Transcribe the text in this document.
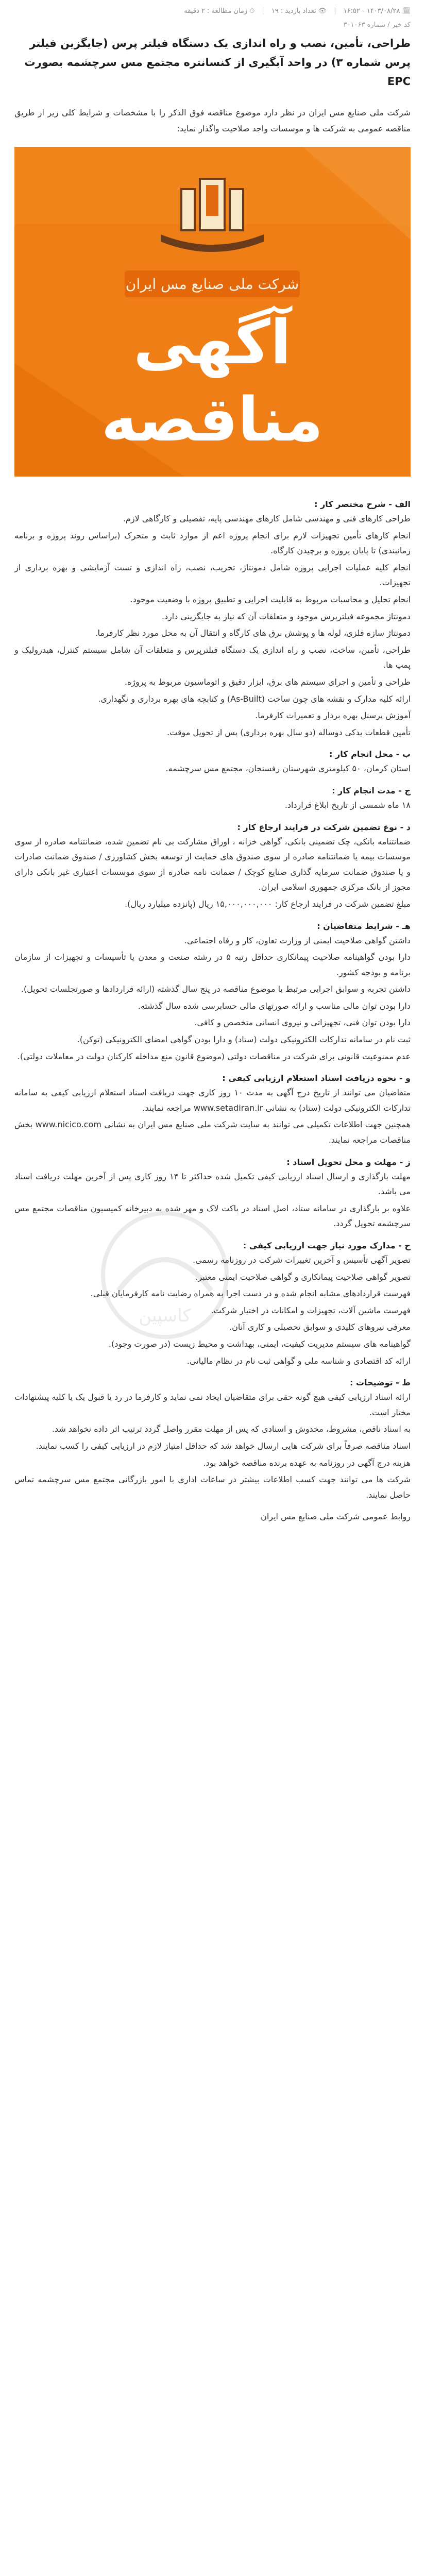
🗓۱۴۰۳/۰۸/۲۸ - ۱۶:۵۲
|
👁تعداد بازدید : ۱۹
|
⏱زمان مطالعه : ۲ دقیقه
کد خبر / شماره ۳۰۱۰۶۳
طراحی، تأمین، نصب و راه اندازی یک دستگاه فیلتر پرس (جایگزین فیلتر پرس شماره ۳) در واحد آبگیری از کنسانتره مجتمع مس سرچشمه بصورت EPC

شرکت ملی صنایع مس ایران در نظر دارد موضوع مناقصه فوق الذکر را با مشخصات و شرایط کلی زیر از طریق مناقصه عمومی به شرکت ها و موسسات واجد صلاحیت واگذار نماید:

شرکت ملی صنایع مس ایران
آگهی
مناقصه
کاسپین
الف - شرح مختصر کار :

طراحی کارهای فنی و مهندسی شامل کارهای مهندسی پایه، تفصیلی و کارگاهی لازم.

انجام کارهای تأمین تجهیزات لازم برای انجام پروژه اعم از موارد ثابت و متحرک (براساس روند پروژه و برنامه زمانبندی) تا پایان پروژه و برچیدن کارگاه.

انجام کلیه عملیات اجرایی پروژه شامل دمونتاژ، تخریب، نصب، راه اندازی و تست آزمایشی و بهره برداری از تجهیزات.

انجام تحلیل و محاسبات مربوط به قابلیت اجرایی و تطبیق پروژه با وضعیت موجود.

دمونتاژ مجموعه فیلترپرس موجود و متعلقات آن که نیاز به جایگزینی دارد.

دمونتاژ سازه فلزی، لوله ها و پوشش برق های کارگاه و انتقال آن به محل مورد نظر کارفرما.

طراحی، تأمین، ساخت، نصب و راه اندازی یک دستگاه فیلترپرس و متعلقات آن شامل سیستم کنترل، هیدرولیک و پمپ ها.

طراحی و تأمین و اجرای سیستم های برق، ابزار دقیق و اتوماسیون مربوط به پروژه.

ارائه کلیه مدارک و نقشه های چون ساخت (As-Built) و کتابچه های بهره برداری و نگهداری.

آموزش پرسنل بهره بردار و تعمیرات کارفرما.

تأمین قطعات یدکی دوساله (دو سال بهره برداری) پس از تحویل موقت.

ب - محل انجام کار :

استان کرمان، ۵۰ کیلومتری شهرستان رفسنجان، مجتمع مس سرچشمه.

ج - مدت انجام کار :

۱۸ ماه شمسی از تاریخ ابلاغ قرارداد.

د - نوع تضمین شرکت در فرایند ارجاع کار :

ضمانتنامه بانکی، چک تضمینی بانکی، گواهی خزانه ، اوراق مشارکت بی نام تضمین شده، ضمانتنامه صادره از سوی موسسات بیمه یا ضمانتنامه صادره از سوی صندوق های حمایت از توسعه بخش کشاورزی / صندوق ضمانت صادرات و یا صندوق ضمانت سرمایه گذاری صنایع کوچک / ضمانت نامه صادره از سوی موسسات اعتباری غیر بانکی دارای مجوز از بانک مرکزی جمهوری اسلامی ایران.

مبلغ تضمین شرکت در فرایند ارجاع کار: ۱۵,۰۰۰,۰۰۰,۰۰۰ ریال (پانزده میلیارد ریال).

هـ - شرایط متقاضیان :

داشتن گواهی صلاحیت ایمنی از وزارت تعاون، کار و رفاه اجتماعی.

دارا بودن گواهینامه صلاحیت پیمانکاری حداقل رتبه ۵ در رشته صنعت و معدن یا تأسیسات و تجهیزات از سازمان برنامه و بودجه کشور.

داشتن تجربه و سوابق اجرایی مرتبط با موضوع مناقصه در پنج سال گذشته (ارائه قراردادها و صورتجلسات تحویل).

دارا بودن توان مالی مناسب و ارائه صورتهای مالی حسابرسی شده سال گذشته.

دارا بودن توان فنی، تجهیزاتی و نیروی انسانی متخصص و کافی.

ثبت نام در سامانه تدارکات الکترونیکی دولت (ستاد) و دارا بودن گواهی امضای الکترونیکی (توکن).

عدم ممنوعیت قانونی برای شرکت در مناقصات دولتی (موضوع قانون منع مداخله کارکنان دولت در معاملات دولتی).

و - نحوه دریافت اسناد استعلام ارزیابی کیفی :

متقاضیان می توانند از تاریخ درج آگهی به مدت ۱۰ روز کاری جهت دریافت اسناد استعلام ارزیابی کیفی به سامانه تدارکات الکترونیکی دولت (ستاد) به نشانی www.setadiran.ir مراجعه نمایند.

همچنین جهت اطلاعات تکمیلی می توانند به سایت شرکت ملی صنایع مس ایران به نشانی www.nicico.com بخش مناقصات مراجعه نمایند.

ز - مهلت و محل تحویل اسناد :

مهلت بارگذاری و ارسال اسناد ارزیابی کیفی تکمیل شده حداکثر تا ۱۴ روز کاری پس از آخرین مهلت دریافت اسناد می باشد.

علاوه بر بارگذاری در سامانه ستاد، اصل اسناد در پاکت لاک و مهر شده به دبیرخانه کمیسیون مناقصات مجتمع مس سرچشمه تحویل گردد.

ح - مدارک مورد نیاز جهت ارزیابی کیفی :

تصویر آگهی تأسیس و آخرین تغییرات شرکت در روزنامه رسمی.

تصویر گواهی صلاحیت پیمانکاری و گواهی صلاحیت ایمنی معتبر.

فهرست قراردادهای مشابه انجام شده و در دست اجرا به همراه رضایت نامه کارفرمایان قبلی.

فهرست ماشین آلات، تجهیزات و امکانات در اختیار شرکت.

معرفی نیروهای کلیدی و سوابق تحصیلی و کاری آنان.

گواهینامه های سیستم مدیریت کیفیت، ایمنی، بهداشت و محیط زیست (در صورت وجود).

ارائه کد اقتصادی و شناسه ملی و گواهی ثبت نام در نظام مالیاتی.

ط - توضیحات :

ارائه اسناد ارزیابی کیفی هیچ گونه حقی برای متقاضیان ایجاد نمی نماید و کارفرما در رد یا قبول یک یا کلیه پیشنهادات مختار است.

به اسناد ناقص، مشروط، مخدوش و اسنادی که پس از مهلت مقرر واصل گردد ترتیب اثر داده نخواهد شد.

اسناد مناقصه صرفاً برای شرکت هایی ارسال خواهد شد که حداقل امتیاز لازم در ارزیابی کیفی را کسب نمایند.

هزینه درج آگهی در روزنامه به عهده برنده مناقصه خواهد بود.

شرکت ها می توانند جهت کسب اطلاعات بیشتر در ساعات اداری با امور بازرگانی مجتمع مس سرچشمه تماس حاصل نمایند.

روابط عمومی شرکت ملی صنایع مس ایران
